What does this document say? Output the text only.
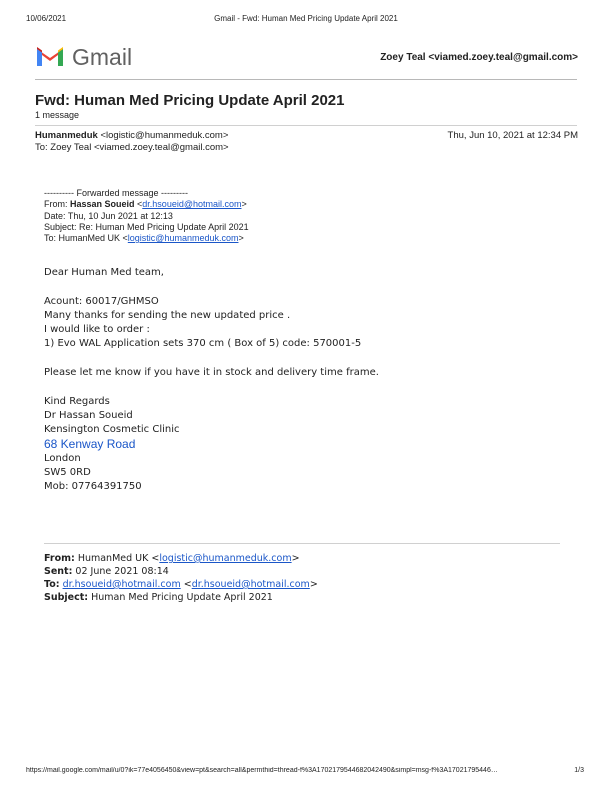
10/06/2021	Gmail - Fwd: Human Med Pricing Update April 2021
Gmail	Zoey Teal <viamed.zoey.teal@gmail.com>
Fwd: Human Med Pricing Update April 2021
1 message
Humanmeduk <logistic@humanmeduk.com>
To: Zoey Teal <viamed.zoey.teal@gmail.com>
Thu, Jun 10, 2021 at 12:34 PM
---------- Forwarded message ---------
From: Hassan Soueid <dr.hsoueid@hotmail.com>
Date: Thu, 10 Jun 2021 at 12:13
Subject: Re: Human Med Pricing Update April 2021
To: HumanMed UK <logistic@humanmeduk.com>
Dear Human Med team,
Acount: 60017/GHMSO
Many thanks for sending the new updated price .
I would like to order :
1) Evo WAL Application sets 370 cm ( Box of 5) code: 570001-5
Please let me know if you have it in stock and delivery time frame.
Kind Regards
Dr Hassan Soueid
Kensington Cosmetic Clinic
68 Kenway Road
London
SW5 0RD
Mob: 07764391750
From: HumanMed UK <logistic@humanmeduk.com>
Sent: 02 June 2021 08:14
To: dr.hsoueid@hotmail.com <dr.hsoueid@hotmail.com>
Subject: Human Med Pricing Update April 2021
https://mail.google.com/mail/u/0?ik=77e4056450&view=pt&search=all&permthid=thread-f%3A1702179544682042490&simpl=msg-f%3A17021795446…	1/3
